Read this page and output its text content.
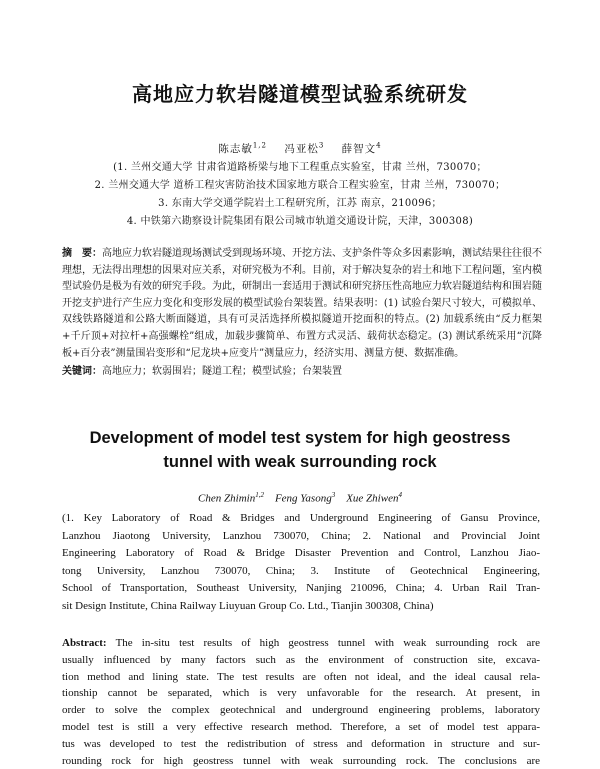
高地应力软岩隧道模型试验系统研发
陈志敏$^{1,2}$ 冯亚松$^3$ 薛智文$^4$
(1. 兰州交通大学 甘肃省道路桥梁与地下工程重点实验室，甘肃 兰州，730070；
2. 兰州交通大学 道桥工程灾害防治技术国家地方联合工程实验室，甘肃 兰州，730070；
3. 东南大学交通学院岩土工程研究所，江苏 南京，210096；
4. 中铁第六勘察设计院集团有限公司城市轨道交通设计院，天津，300308)
摘　要：高地应力软岩隧道现场测试受到现场环境、开挖方法、支护条件等众多因素影响，测试结果往往很不理想，无法得出理想的因果对应关系，对研究极为不利。目前，对于解决复杂的岩土和地下工程问题，室内模型试验仍是极为有效的研究手段。为此，研制出一套适用于测试和研究挤压性高地应力软岩隧道结构和围岩随开挖支护进行产生应力变化和变形发展的模型试验台架装置。结果表明：(1) 试验台架尺寸较大，可模拟单、双线铁路隧道和公路大断面隧道，具有可灵活选择所模拟隧道开挖面积的特点。(2) 加载系统由“反力框架+千斤顶+对拉杆+高强螺栓”组成，加载步骤简单、布置方式灵活、载荷状态稳定。(3) 测试系统采用“沉降板+百分表”测量围岩变形和“尼龙块+应变片”测量应力，经济实用、测量方便、数据准确。
关键词：高地应力；软弱围岩；隧道工程；模型试验；台架装置
Development of model test system for high geostress
tunnel with weak surrounding rock
Chen Zhimin$^{1,2}$ Feng Yasong$^3$ Xue Zhiwen$^4$
(1. Key Laboratory of Road & Bridges and Underground Engineering of Gansu Province,
Lanzhou Jiaotong University, Lanzhou 730070, China; 2. National and Provincial Joint
Engineering Laboratory of Road & Bridge Disaster Prevention and Control, Lanzhou Jiao-
tong University, Lanzhou 730070, China; 3. Institute of Geotechnical Engineering,
School of Transportation, Southeast University, Nanjing 210096, China; 4. Urban Rail Tran-
sit Design Institute, China Railway Liuyuan Group Co. Ltd., Tianjin 300308, China)
Abstract: The in-situ test results of high geostress tunnel with weak surrounding rock are
usually influenced by many factors such as the environment of construction site, excava-
tion method and lining state. The test results are often not ideal, and the ideal causal rela-
tionship cannot be separated, which is very unfavorable for the research. At present, in
order to solve the complex geotechnical and underground engineering problems, laboratory
model test is still a very effective research method. Therefore, a set of model test appara-
tus was developed to test the redistribution of stress and deformation in structure and sur-
rounding rock for high geostress tunnel with weak surrounding rock. The conclusions are
